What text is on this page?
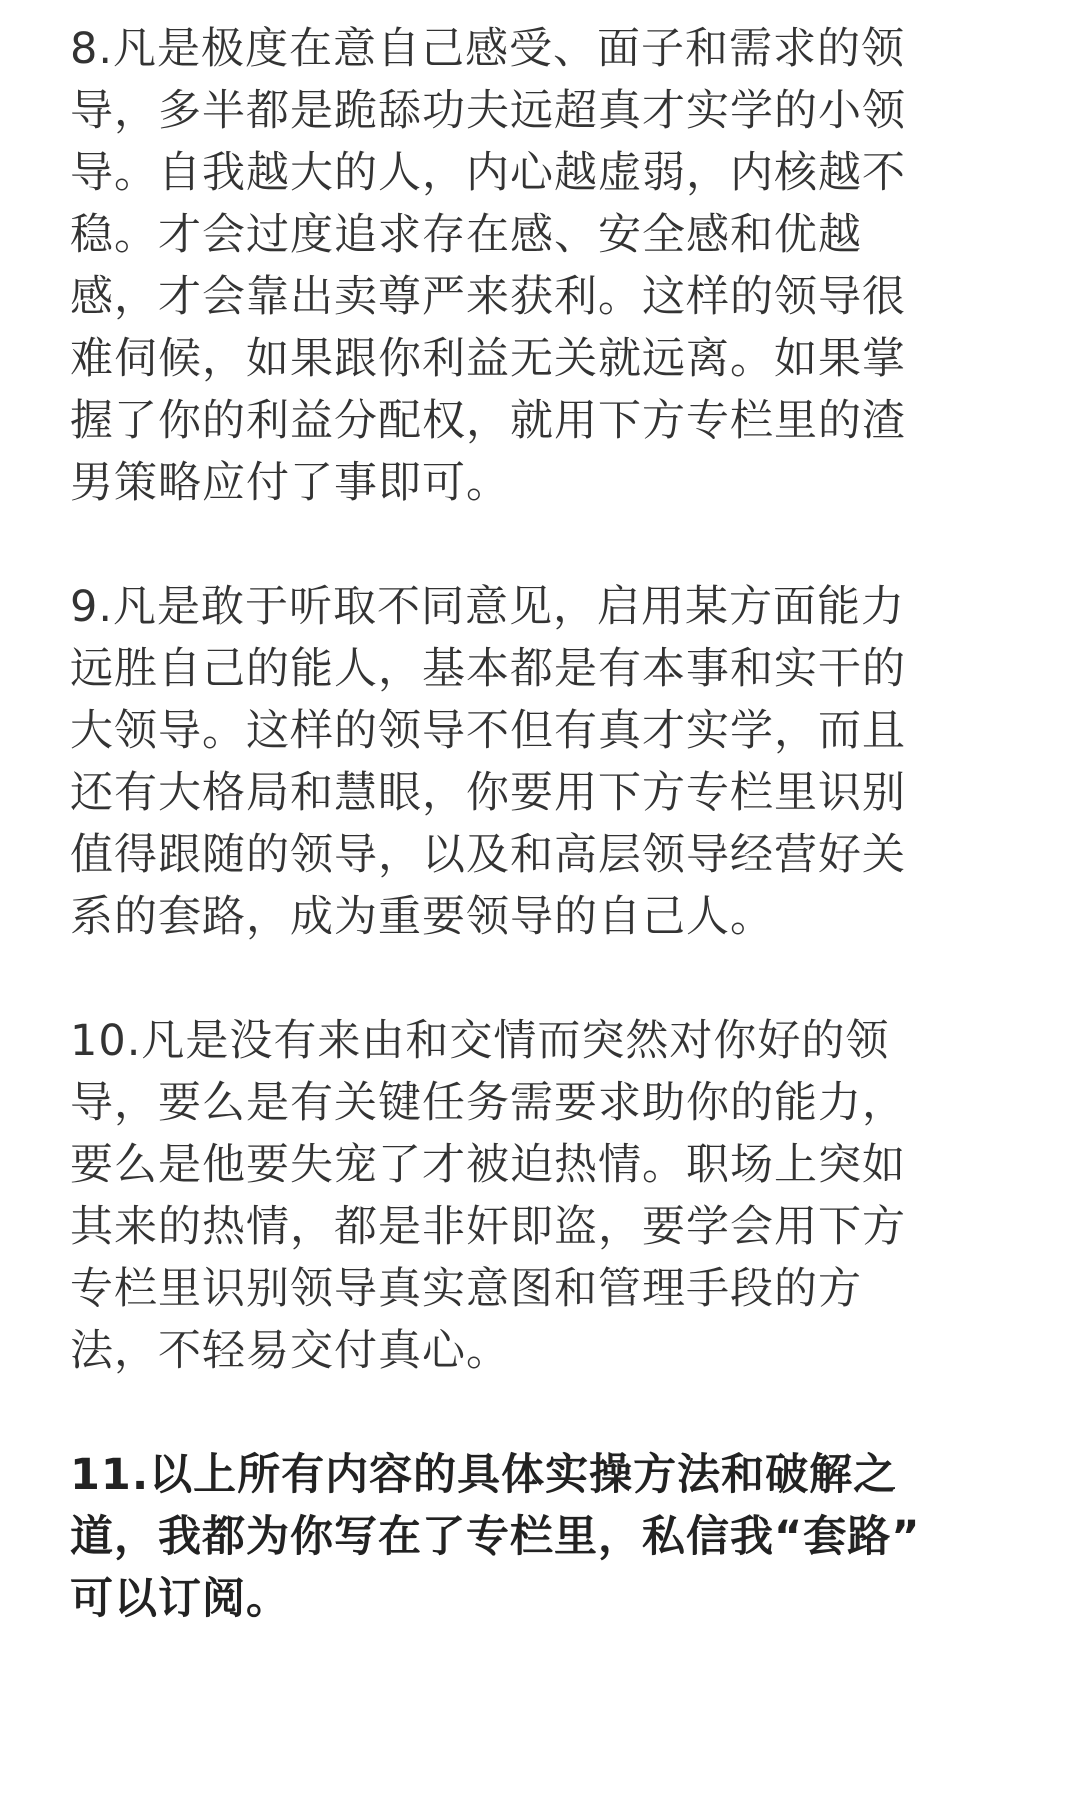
8.凡是极度在意自己感受、面子和需求的领
导，多半都是跪舔功夫远超真才实学的小领
导。自我越大的人，内心越虚弱，内核越不
稳。才会过度追求存在感、安全感和优越
感，才会靠出卖尊严来获利。这样的领导很
难伺候，如果跟你利益无关就远离。如果掌
握了你的利益分配权，就用下方专栏里的渣
男策略应付了事即可。

9.凡是敢于听取不同意见，启用某方面能力
远胜自己的能人，基本都是有本事和实干的
大领导。这样的领导不但有真才实学，而且
还有大格局和慧眼，你要用下方专栏里识别
值得跟随的领导，以及和高层领导经营好关
系的套路，成为重要领导的自己人。

10.凡是没有来由和交情而突然对你好的领
导，要么是有关键任务需要求助你的能力，
要么是他要失宠了才被迫热情。职场上突如
其来的热情，都是非奸即盗，要学会用下方
专栏里识别领导真实意图和管理手段的方
法，不轻易交付真心。

11.以上所有内容的具体实操方法和破解之
道，我都为你写在了专栏里，私信我“套路”
可以订阅。
